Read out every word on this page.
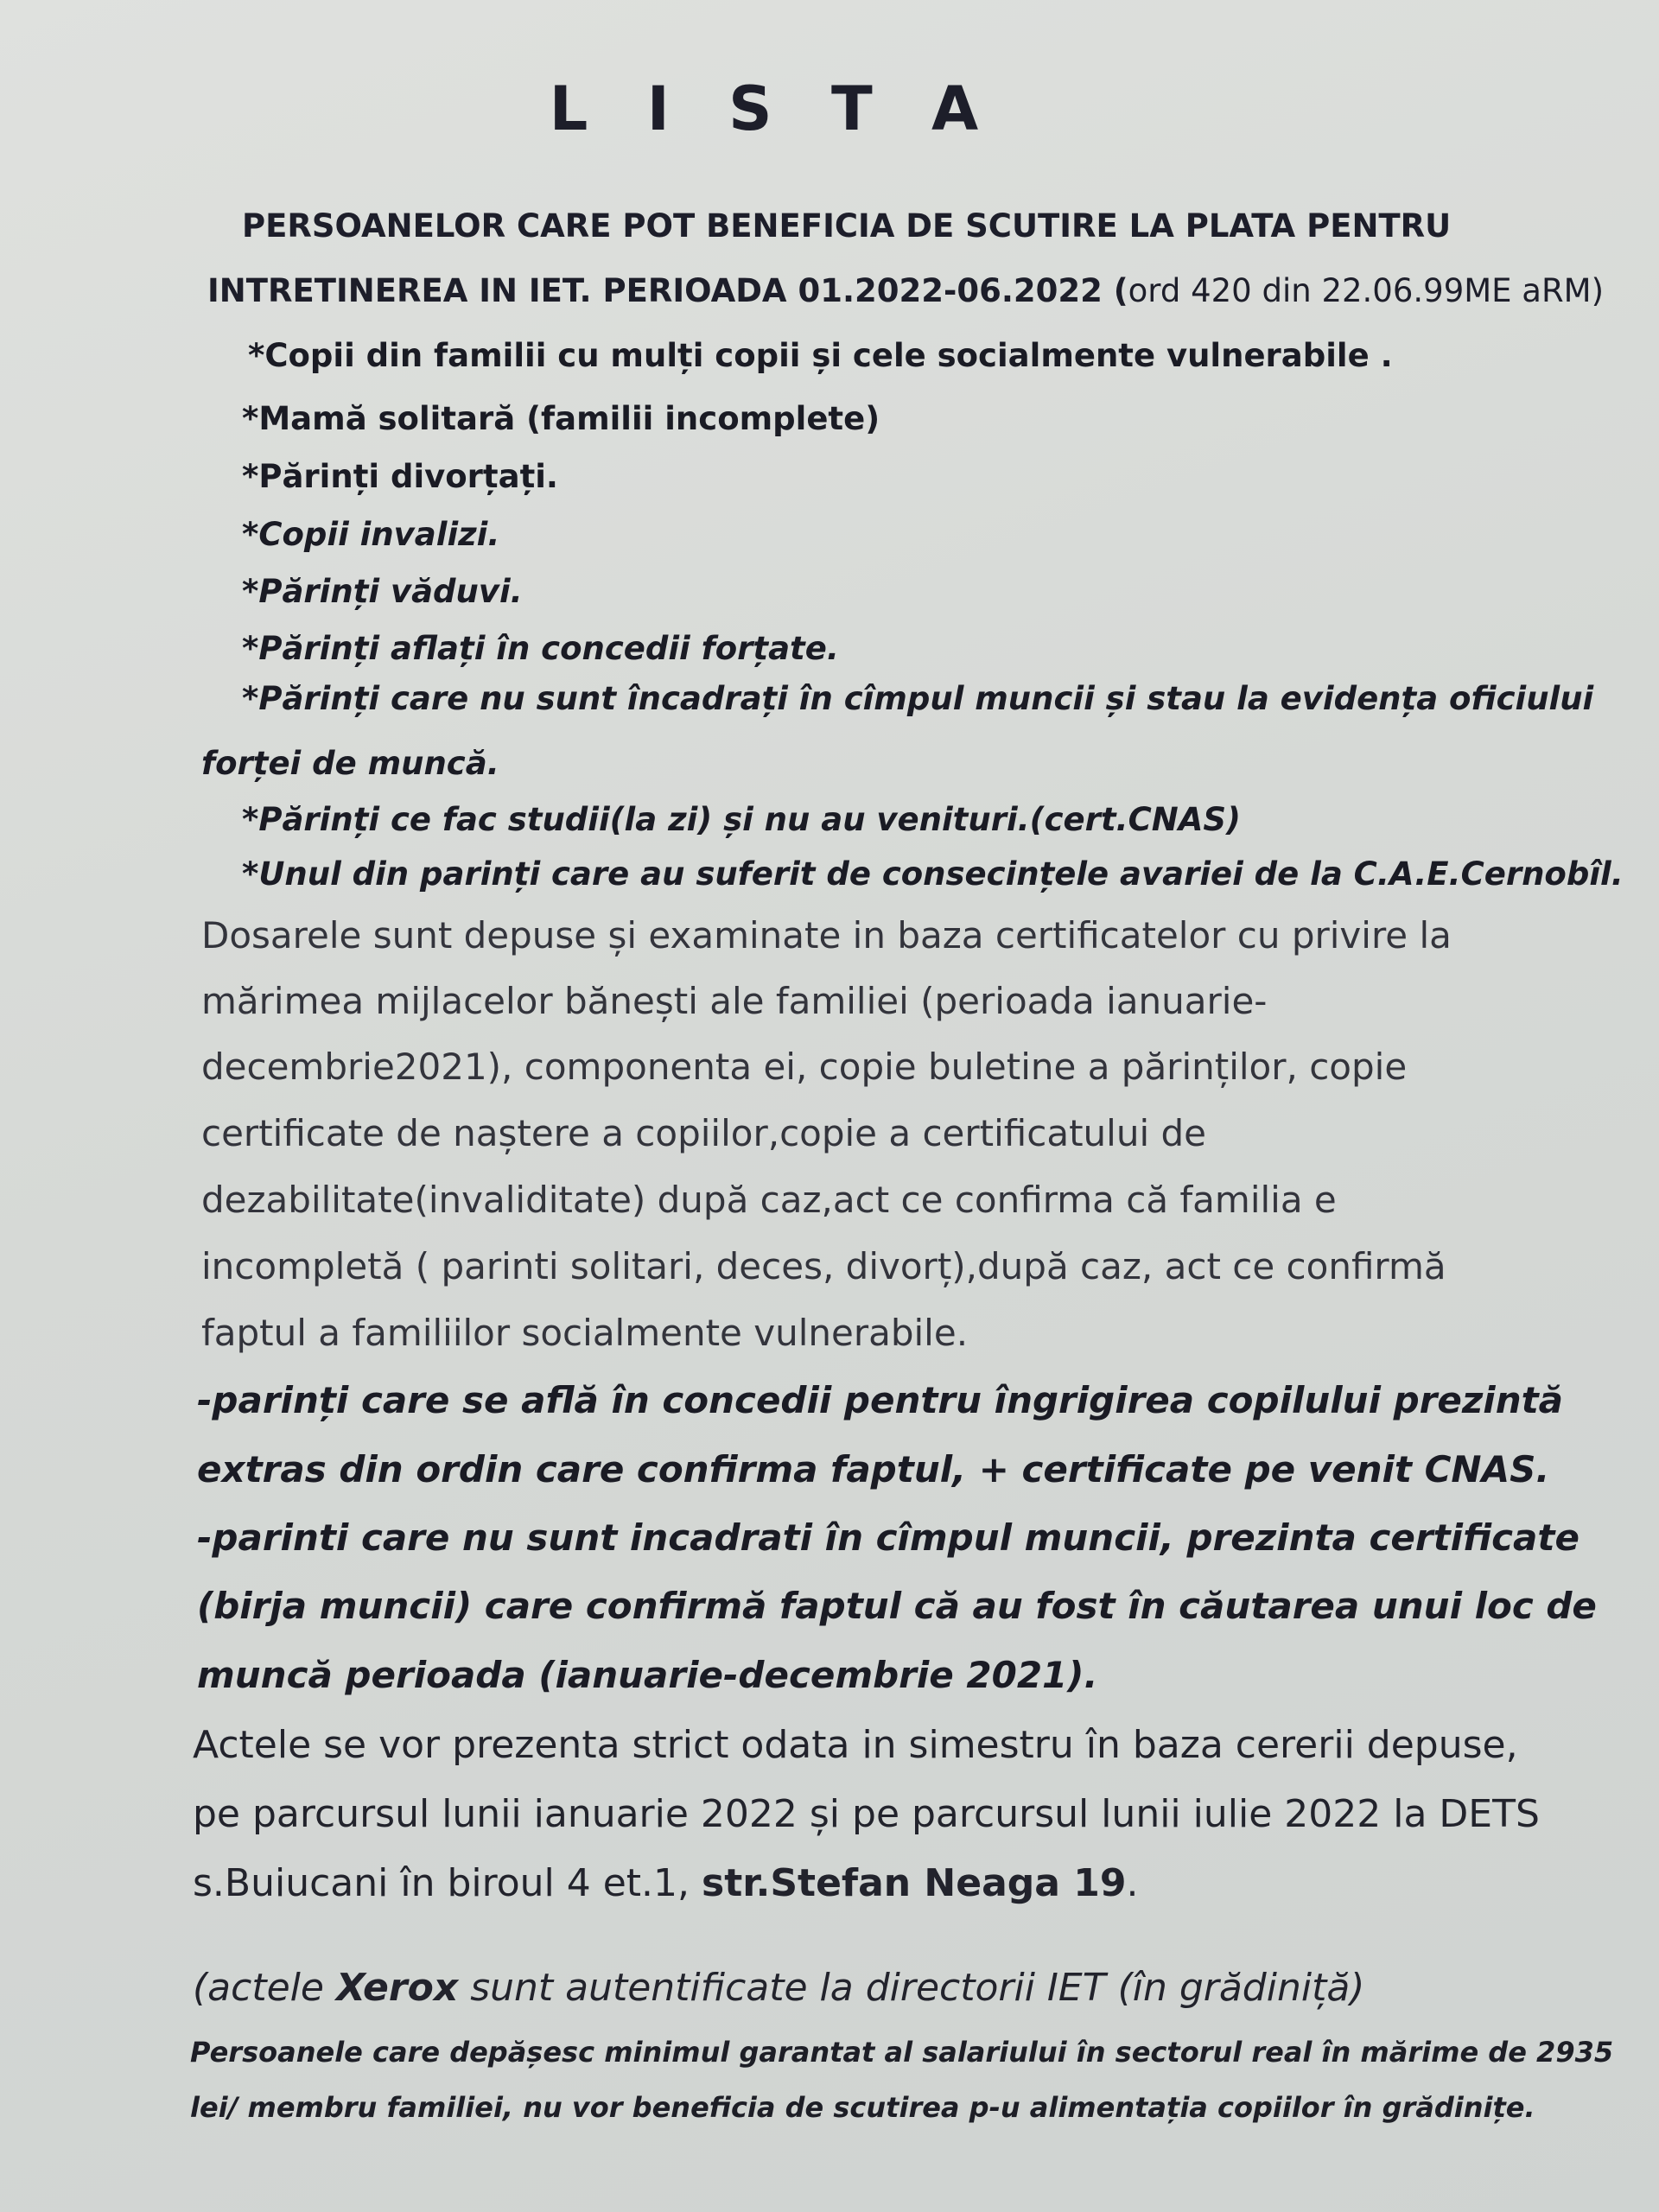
L I S T A
PERSOANELOR CARE POT BENEFICIA DE SCUTIRE LA PLATA PENTRU
INTRETINEREA IN IET. PERIOADA 01.2022-06.2022 (ord 420 din 22.06.99ME aRM)
*Copii din familii cu mulți copii și cele socialmente vulnerabile .
*Mamă solitară (familii incomplete)
*Părinți divorțați.
*Copii invalizi.
*Părinți văduvi.
*Părinți aflați în concedii forțate.
*Părinți care nu sunt încadrați în cîmpul muncii și stau la evidența oficiului
forței de muncă.
*Părinți ce fac studii(la zi) și nu au venituri.(cert.CNAS)
*Unul din parinți care au suferit de consecințele avariei de la C.A.E.Cernobîl.
Dosarele sunt depuse și examinate in baza certificatelor cu privire la
mărimea mijlacelor bănești ale familiei (perioada ianuarie-
decembrie2021), componenta ei, copie buletine a părinților, copie
certificate de naștere a copiilor,copie a certificatului de
dezabilitate(invaliditate) după caz,act ce confirma că familia e
incompletă ( parinti solitari, deces, divorț),după caz, act ce confirmă
faptul a familiilor socialmente vulnerabile.
-parinți care se află în concedii pentru îngrigirea copilului prezintă
extras din ordin care confirma faptul, + certificate pe venit CNAS.
-parinti care nu sunt incadrati în cîmpul muncii, prezinta certificate
(birja muncii) care confirmă faptul că au fost în căutarea unui loc de
muncă perioada (ianuarie-decembrie 2021).
Actele se vor prezenta strict odata in simestru în baza cererii depuse,
pe parcursul lunii ianuarie 2022 și pe parcursul lunii iulie 2022 la DETS
s.Buiucani în biroul 4 et.1, str.Stefan Neaga 19.
(actele Xerox sunt autentificate la directorii IET (în grădiniță)
Persoanele care depășesc minimul garantat al salariului în sectorul real în mărime de 2935
lei/ membru familiei, nu vor beneficia de scutirea p-u alimentația copiilor în grădinițe.
